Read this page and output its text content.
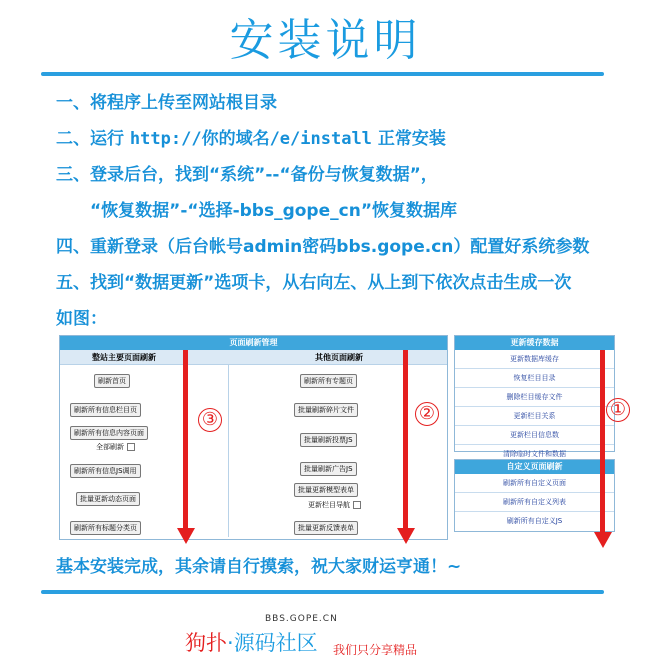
安装说明
一、将程序上传至网站根目录
二、运行 http://你的域名/e/install 正常安装
三、登录后台，找到“系统”--“备份与恢复数据”，
“恢复数据”-“选择-bbs_gope_cn”恢复数据库
四、重新登录（后台帐号admin密码bbs.gope.cn）配置好系统参数
五、找到“数据更新”选项卡，从右向左、从上到下依次点击生成一次
如图：
页面刷新管理
整站主要页面刷新	其他页面刷新
刷新首页
刷新所有信息栏目页
刷新所有信息内容页面
全部刷新
刷新所有信息JS调用
批量更新动态页面
刷新所有标题分类页
刷新所有专题页
批量刷新碎片文件
批量刷新投票JS
批量刷新广告JS
批量更新模型表单
更新栏目导航
批量更新反馈表单
更新缓存数据
更新数据库缓存
恢复栏目目录
删除栏目缓存文件
更新栏目关系
更新栏目信息数
清除临时文件和数据
自定义页面刷新
刷新所有自定义页面
刷新所有自定义列表
刷新所有自定义JS
③	②	①
基本安装完成，其余请自行摸索，祝大家财运亨通！~
BBS.GOPE.CN
狗扑·源码社区 我们只分享精品
